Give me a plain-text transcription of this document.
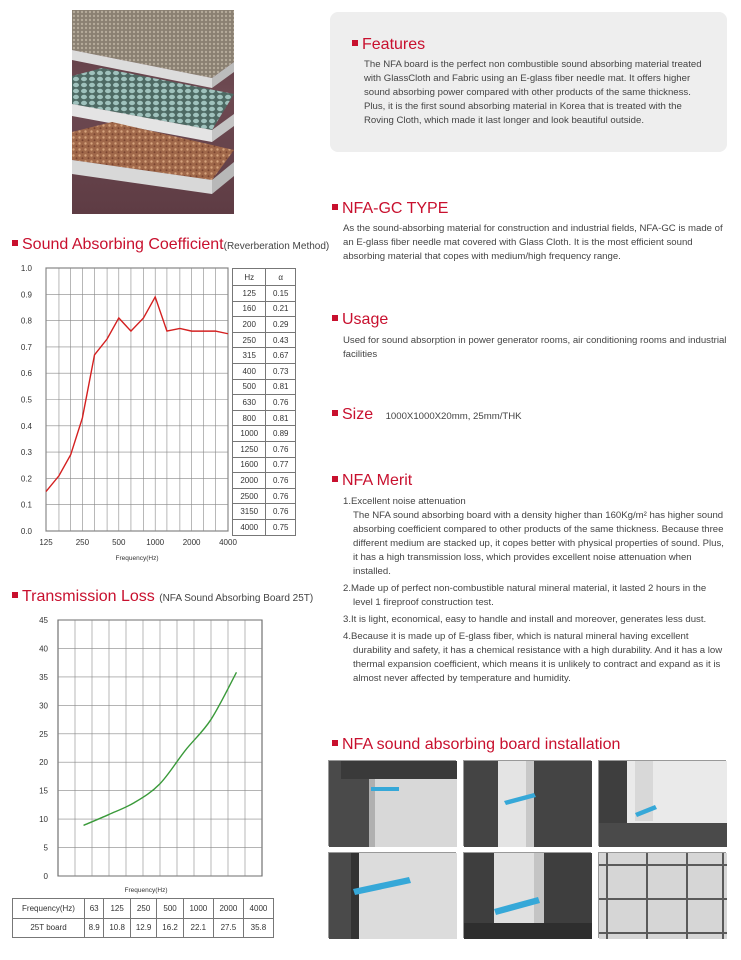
Features
The NFA board is the perfect non combustible sound absorbing material treated with GlassCloth and Fabric using an E-glass fiber needle mat. It offers higher sound absorbing power compared with other products of the same thickness. Plus, it is the first sound absorbing material in Korea that is treated with the Roving Cloth, which made it last longer and look beautiful outside.
NFA-GC TYPE
As the sound-absorbing material for construction and industrial fields, NFA-GC is made of an E-glass fiber needle mat covered with Glass Cloth. It is the most efficient sound absorbing material that copes with medium/high frequency range.
Usage
Used for sound absorption in power generator rooms, air conditioning rooms and industrial facilities
Size 1000X1000X20mm, 25mm/THK
NFA Merit

1.Excellent noise attenuation

The NFA sound absorbing board with a density higher than 160Kg/m² has higher sound absorbing coefficient compared to other products of the same thickness. Because three different medium are stacked up, it copes better with physical properties of sound. Plus, it has a high transmission loss, which provides excellent noise attenuation when installed.

2.Made up of perfect non-combustible natural mineral material, it lasted 2 hours in the level 1 fireproof construction test.

3.It is light, economical, easy to handle and install and moreover, generates less dust.

4.Because it is made up of E-glass fiber, which is natural mineral having excellent durability and safety, it has a chemical resistance with a high durability. And it has a low thermal expansion coefficient, which means it is unlikely to contract and expand as it is almost never affected by temperature and humidity.

NFA sound absorbing board installation
Sound Absorbing Coefficient(Reverberation Method)
0.0
0.1
0.2
0.3
0.4
0.5
0.6
0.7
0.8
0.9
1.0
125	250	500	1000 2000 4000
Frequency(Hz)
Hz	α
125	0.15
160	0.21
200	0.29
250	0.43
315	0.67
400	0.73
500	0.81
630	0.76
800	0.81
1000	0.89
1250	0.76
1600	0.77
2000	0.76
2500	0.76
3150	0.76
4000	0.75
Transmission Loss (NFA Sound Absorbing Board 25T)
0
5
10
15
20
25
30
35
40
45
Frequency(Hz)
Frequency(Hz)	63	125	250	500	1000	2000	4000
25T board	8.9	10.8	12.9	16.2	22.1	27.5	35.8
